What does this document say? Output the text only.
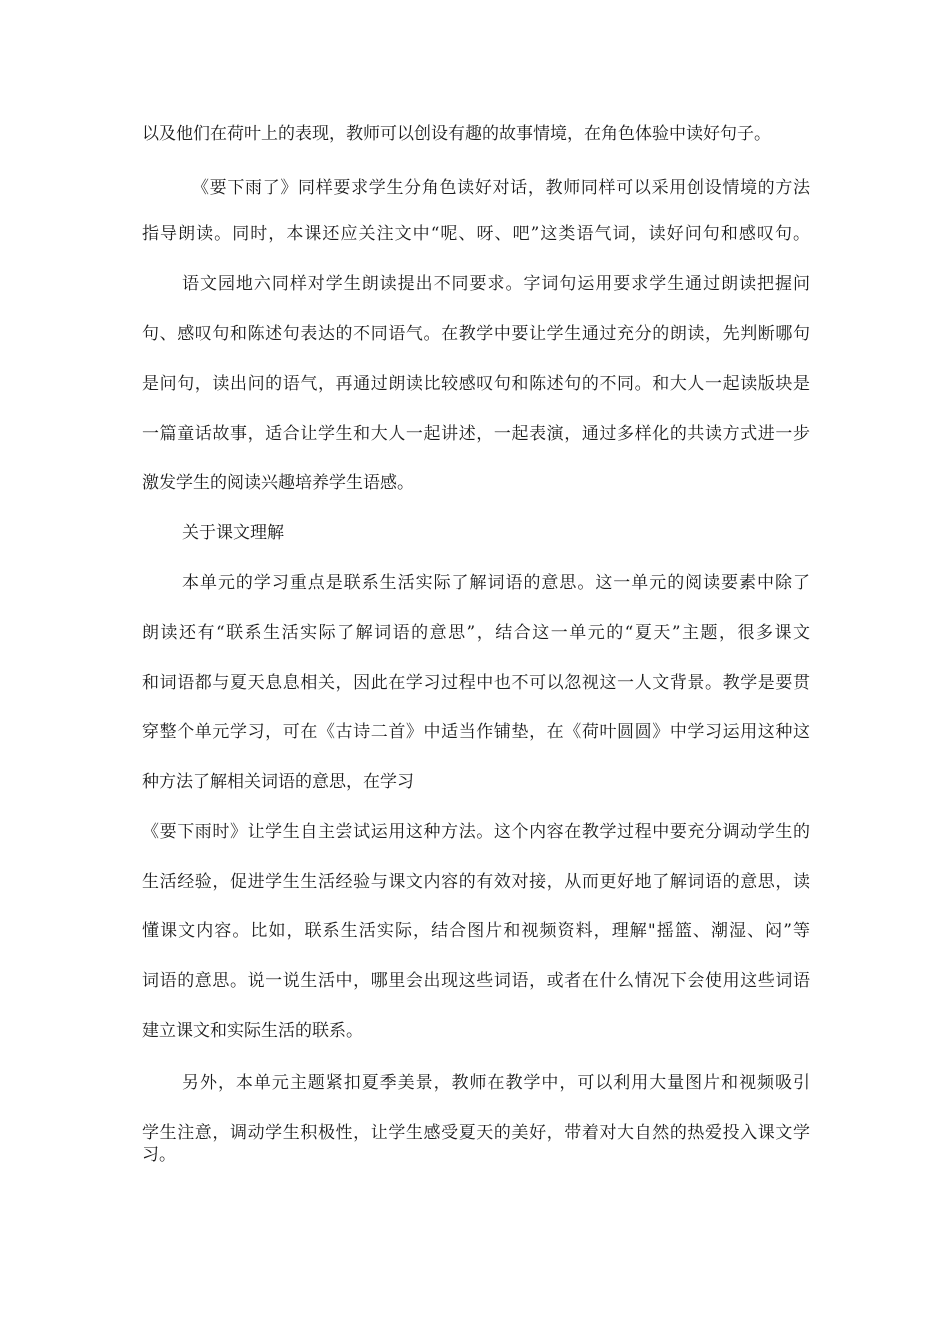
以及他们在荷叶上的表现，教师可以创设有趣的故事情境，在角色体验中读好句子。
《要下雨了》同样要求学生分角色读好对话，教师同样可以采用创设情境的方法
指导朗读。同时，本课还应关注文中“呢、呀、吧”这类语气词，读好问句和感叹句。
语文园地六同样对学生朗读提出不同要求。字词句运用要求学生通过朗读把握问
句、感叹句和陈述句表达的不同语气。在教学中要让学生通过充分的朗读，先判断哪句
是问句，读出问的语气，再通过朗读比较感叹句和陈述句的不同。和大人一起读版块是
一篇童话故事，适合让学生和大人一起讲述，一起表演，通过多样化的共读方式进一步
激发学生的阅读兴趣培养学生语感。
关于课文理解
本单元的学习重点是联系生活实际了解词语的意思。这一单元的阅读要素中除了
朗读还有“联系生活实际了解词语的意思”，结合这一单元的“夏天”主题，很多课文
和词语都与夏天息息相关，因此在学习过程中也不可以忽视这一人文背景。教学是要贯
穿整个单元学习，可在《古诗二首》中适当作铺垫，在《荷叶圆圆》中学习运用这种这
种方法了解相关词语的意思，在学习
《要下雨时》让学生自主尝试运用这种方法。这个内容在教学过程中要充分调动学生的
生活经验，促进学生生活经验与课文内容的有效对接，从而更好地了解词语的意思，读
懂课文内容。比如，联系生活实际，结合图片和视频资料，理解"摇篮、潮湿、闷”等
词语的意思。说一说生活中，哪里会出现这些词语，或者在什么情况下会使用这些词语
建立课文和实际生活的联系。
另外，本单元主题紧扣夏季美景，教师在教学中，可以利用大量图片和视频吸引
学生注意，调动学生积极性，让学生感受夏天的美好，带着对大自然的热爱投入课文学
习。
